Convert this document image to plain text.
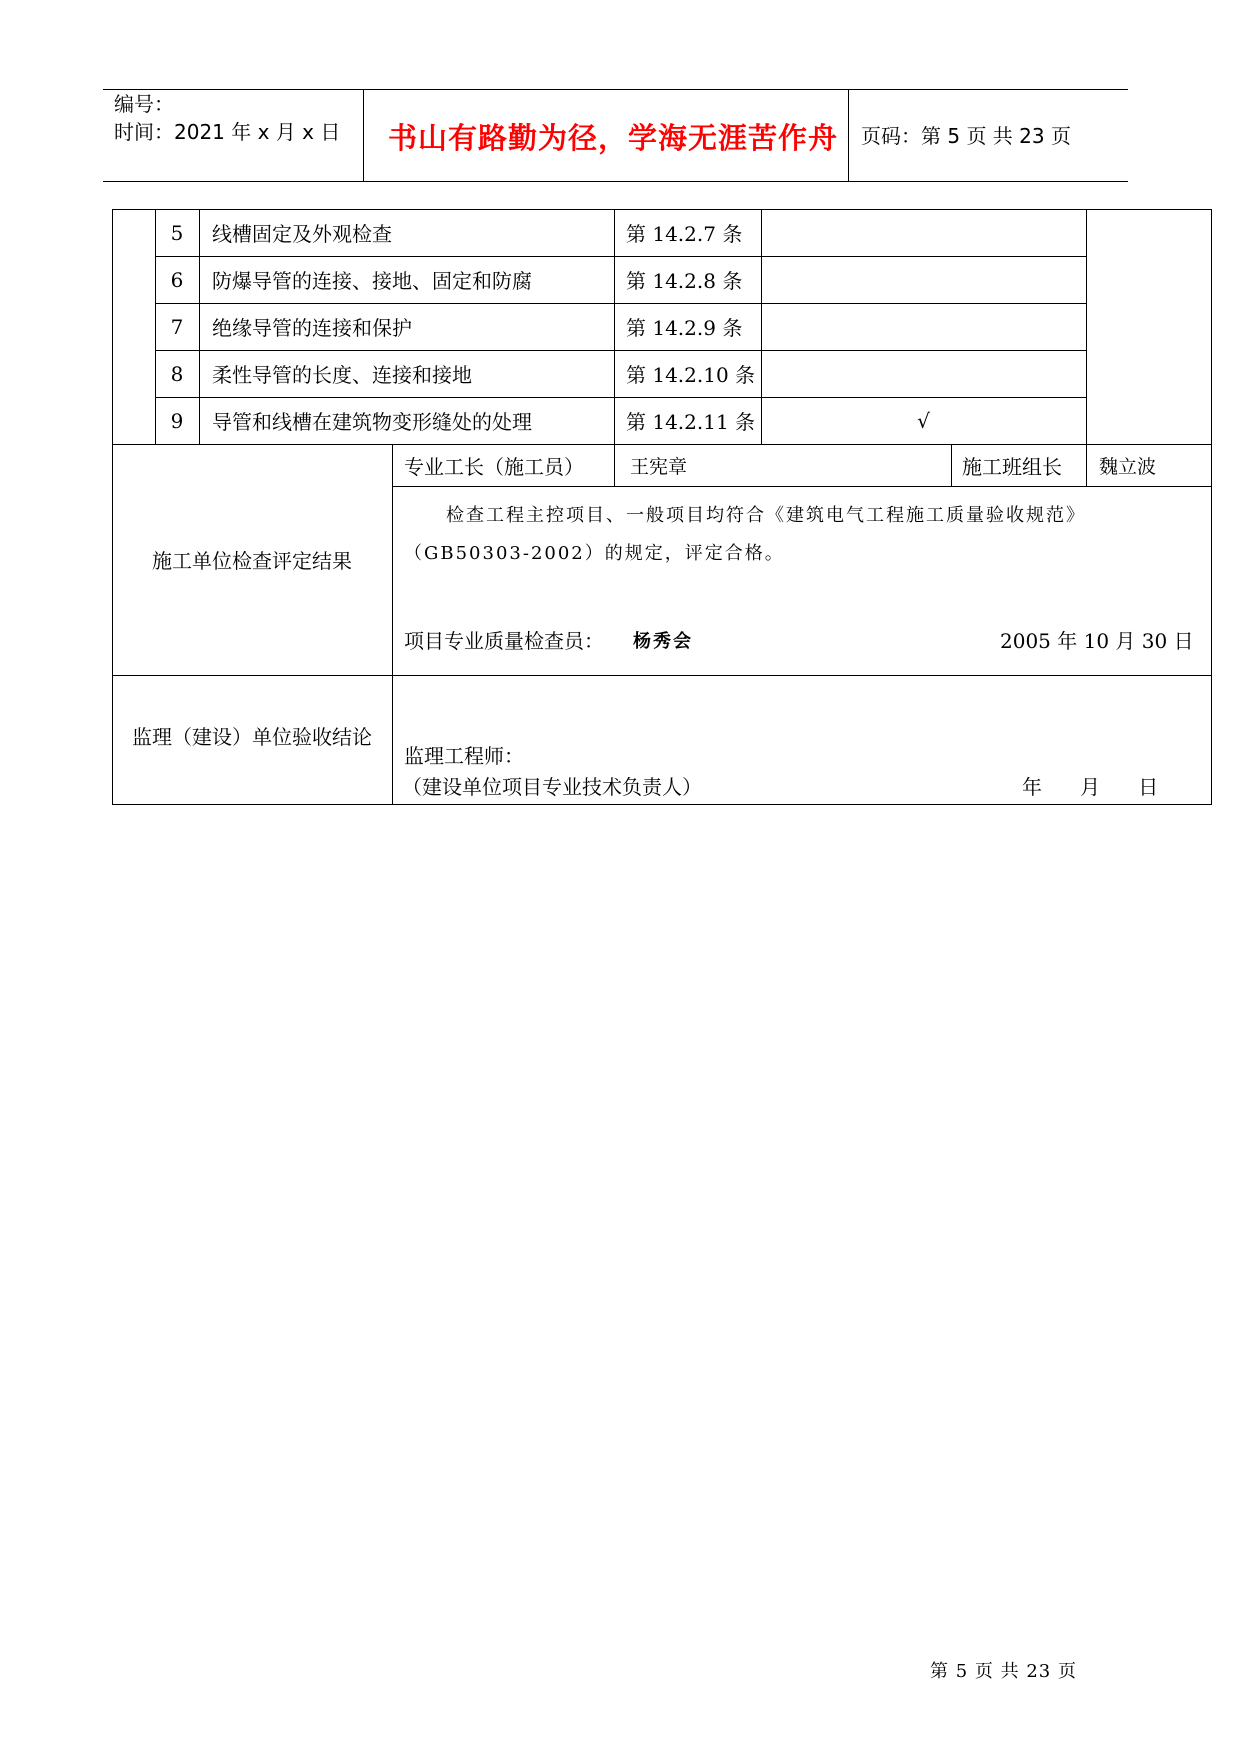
编号：
时间：2021 年 x 月 x 日 书山有路勤为径，学海无涯苦作舟 页码：第 5 页 共 23 页
5	线槽固定及外观检查	第 14.2.7 条
6	防爆导管的连接、接地、固定和防腐	第 14.2.8 条
7	绝缘导管的连接和保护	第 14.2.9 条
8	柔性导管的长度、连接和接地	第 14.2.10 条
9	导管和线槽在建筑物变形缝处的处理	第 14.2.11 条	√
施工单位检查评定结果
专业工长（施工员）	王宪章	施工班组长	魏立波
检查工程主控项目、一般项目均符合《建筑电气工程施工质量验收规范》
（GB50303-2002）的规定，评定合格。
项目专业质量检查员： 杨秀会	2005 年 10 月 30 日
监理（建设）单位验收结论
监理工程师：
（建设单位项目专业技术负责人）	年      月      日
第 5 页 共 23 页
